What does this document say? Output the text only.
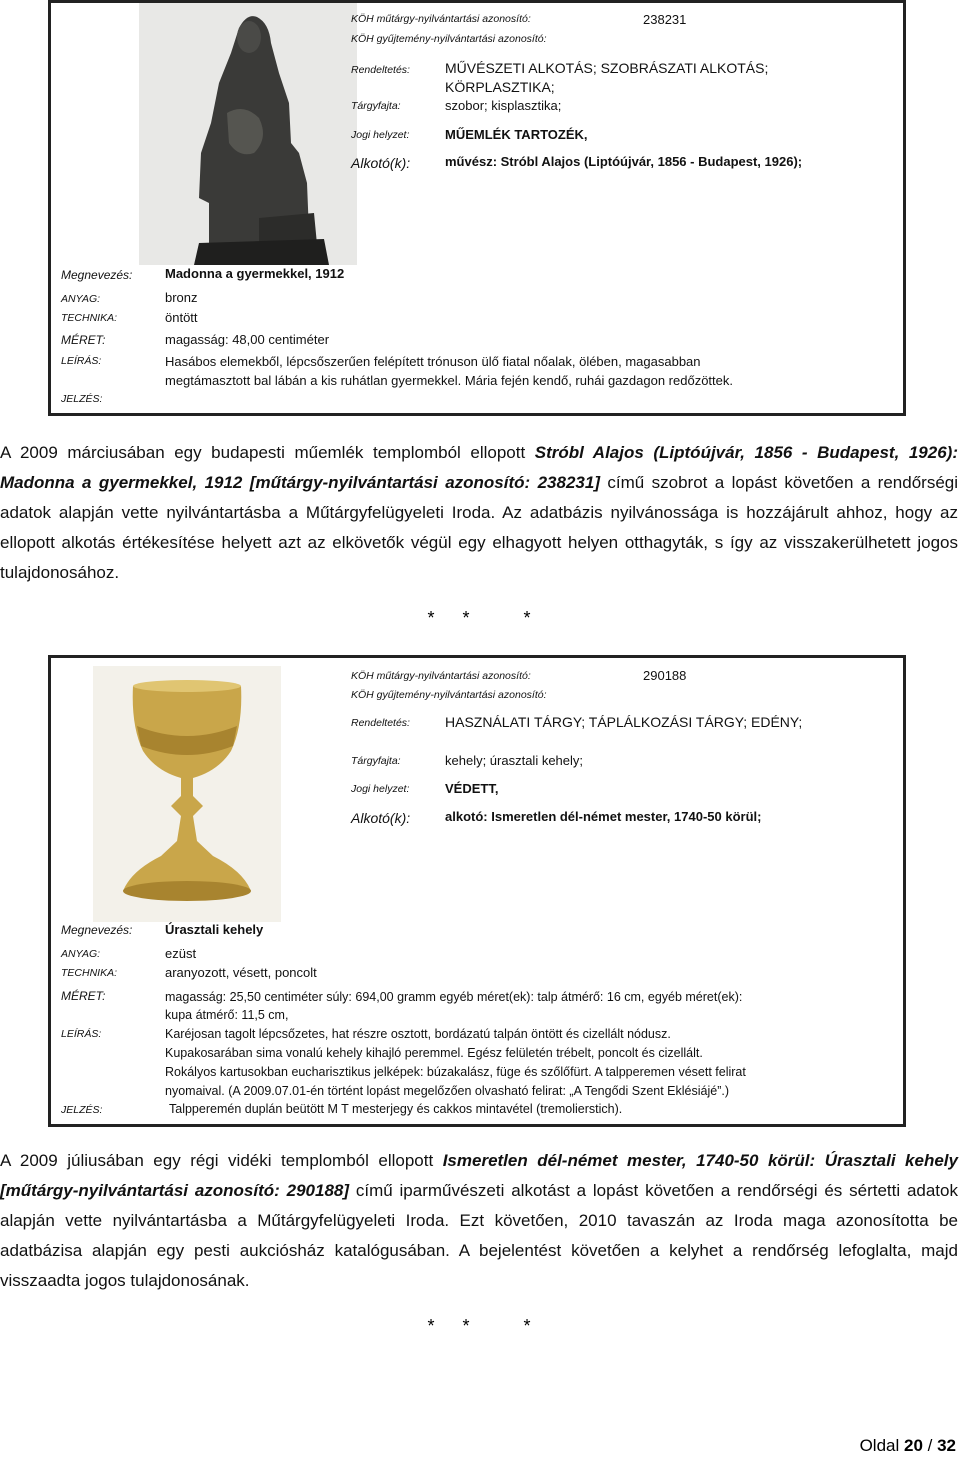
KÖH műtárgy-nyilvántartási azonosító:	238231
KÖH gyűjtemény-nyilvántartási azonosító:
Rendeltetés:	MŰVÉSZETI ALKOTÁS; SZOBRÁSZATI ALKOTÁS;
KÖRPLASZTIKA;
Tárgyfajta:	szobor; kisplasztika;
Jogi helyzet:	MŰEMLÉK TARTOZÉK,
Alkotó(k):	művész: Stróbl Alajos (Liptóújvár, 1856 - Budapest, 1926);
Megnevezés:	Madonna a gyermekkel, 1912
ANYAG:	bronz
TECHNIKA:	öntött
MÉRET:	magasság: 48,00 centiméter
LEÍRÁS:	Hasábos elemekből, lépcsőszerűen felépített trónuson ülő fiatal nőalak, ölében, magasabban
megtámasztott bal lábán a kis ruhátlan gyermekkel. Mária fején kendő, ruhái gazdagon redőzöttek.
JELZÉS:

A 2009 márciusában egy budapesti műemlék templomból ellopott Stróbl Alajos (Liptóújvár, 1856 - Budapest, 1926): Madonna a gyermekkel, 1912 [műtárgy-nyilvántartási azonosító: 238231] című szobrot a lopást követően a rendőrségi adatok alapján vette nyilvántartásba a Műtárgyfelügyeleti Iroda. Az adatbázis nyilvánossága is hozzájárult ahhoz, hogy az ellopott alkotás értékesítése helyett azt az elkövetők végül egy elhagyott helyen otthagyták, s így az visszakerülhetett jogos tulajdonosához.

* *	*
KÖH műtárgy-nyilvántartási azonosító:	290188
KÖH gyűjtemény-nyilvántartási azonosító:
Rendeltetés:	HASZNÁLATI TÁRGY; TÁPLÁLKOZÁSI TÁRGY; EDÉNY;
Tárgyfajta:	kehely; úrasztali kehely;
Jogi helyzet:	VÉDETT,
Alkotó(k):	alkotó: Ismeretlen dél-német mester, 1740-50 körül;
Megnevezés:	Úrasztali kehely
ANYAG:	ezüst
TECHNIKA:	aranyozott, vésett, poncolt
MÉRET:	magasság: 25,50 centiméter súly: 694,00 gramm egyéb méret(ek): talp átmérő: 16 cm, egyéb méret(ek):
kupa átmérő: 11,5 cm,
LEÍRÁS:	Karéjosan tagolt lépcsőzetes, hat részre osztott, bordázatú talpán öntött és cizellált nódusz.
Kupakosarában sima vonalú kehely kihajló peremmel. Egész felületén trébelt, poncolt és cizellált.
Rokályos kartusokban eucharisztikus jelképek: búzakalász, füge és szőlőfürt. A talpperemen vésett felirat
nyomaival. (A 2009.07.01-én történt lopást megelőzően olvasható felirat: „A Tengődi Szent Eklésiájé”.)
JELZÉS:	Talpperemén duplán beütött M T mesterjegy és cakkos mintavétel (tremolierstich).

A 2009 júliusában egy régi vidéki templomból ellopott Ismeretlen dél-német mester, 1740-50 körül: Úrasztali kehely [műtárgy-nyilvántartási azonosító: 290188] című iparművészeti alkotást a lopást követően a rendőrségi és sértetti adatok alapján vette nyilvántartásba a Műtárgyfelügyeleti Iroda. Ezt követően, 2010 tavaszán az Iroda maga azonosította be adatbázisa alapján egy pesti aukciósház katalógusában. A bejelentést követően a kelyhet a rendőrség lefoglalta, majd visszaadta jogos tulajdonosának.

* *	*
Oldal 20 / 32
